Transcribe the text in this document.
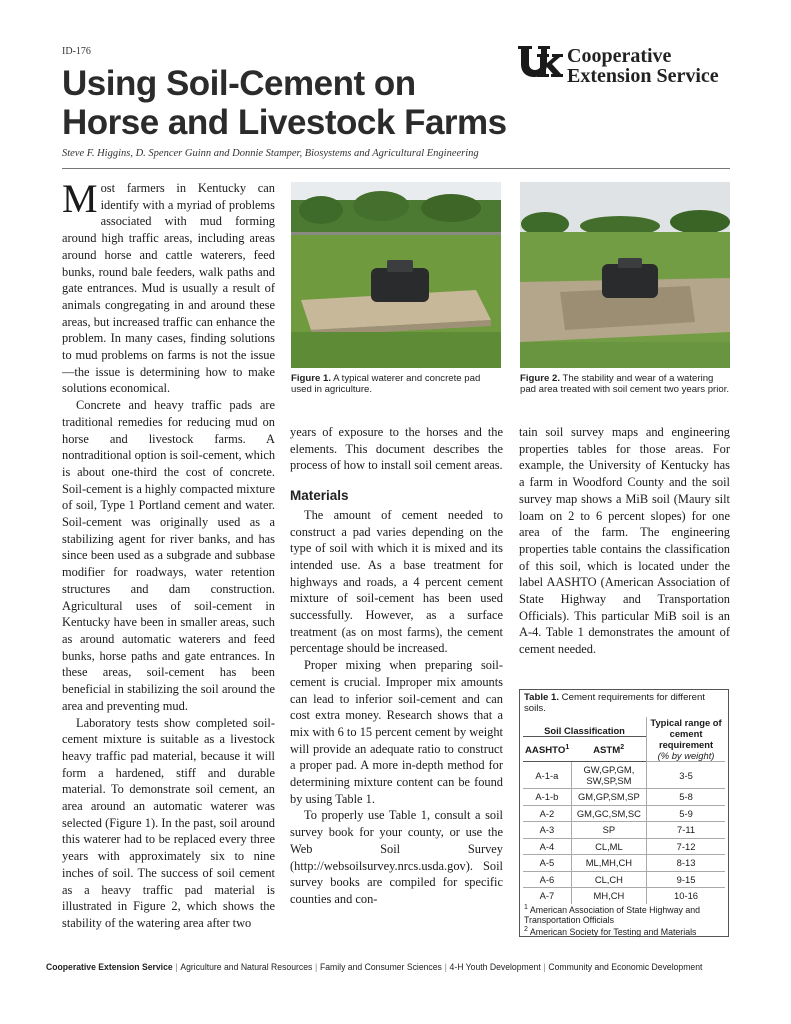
ID-176
Using Soil-Cement on
Horse and Livestock Farms
Steve F. Higgins, D. Spencer Guinn and Donnie Stamper, Biosystems and Agricultural Engineering
Cooperative
Extension Service

Most farmers in Kentucky can identify with a myriad of problems associated with mud forming around high traffic areas, including areas around horse and cattle waterers, feed bunks, round bale feeders, walk paths and gate entrances. Mud is usually a result of animals congregating in and around these areas, but increased traffic can enhance the problem. In many cases, finding solutions to mud problems on farms is not the issue—the issue is determining how to make solutions economical.

Concrete and heavy traffic pads are traditional remedies for reducing mud on horse and livestock farms. A nontraditional option is soil-cement, which is about one-third the cost of concrete. Soil-cement is a highly compacted mixture of soil, Type 1 Portland cement and water. Soil-cement was originally used as a stabilizing agent for river banks, and has since been used as a subgrade and subbase modifier for roadways, water retention structures and dam construction. Agricultural uses of soil-cement in Kentucky have been in smaller areas, such as around automatic waterers and feed bunks, horse paths and gate entrances. In these areas, soil-cement has been beneficial in stabilizing the soil around the area and preventing mud.

Laboratory tests show completed soil-cement mixture is suitable as a livestock heavy traffic pad material, because it will form a hardened, stiff and durable material. To demonstrate soil cement, an area around an automatic waterer was selected (Figure 1). In the past, soil around this waterer had to be replaced every three years with approximately six to nine inches of soil. The success of soil cement as a heavy traffic pad material is illustrated in Figure 2, which shows the stability of the watering area after two

Figure 1. A typical waterer and concrete pad used in agriculture.
Figure 2. The stability and wear of a watering pad area treated with soil cement two years prior.

years of exposure to the horses and the elements. This document describes the process of how to install soil cement areas.

Materials

The amount of cement needed to construct a pad varies depending on the type of soil with which it is mixed and its intended use. As a base treatment for highways and roads, a 4 percent cement mixture of soil-cement has been used successfully. However, as a surface treatment (as on most farms), the cement percentage should be increased.

Proper mixing when preparing soil-cement is crucial. Improper mix amounts can lead to inferior soil-cement and can cost extra money. Research shows that a mix with 6 to 15 percent cement by weight will provide an adequate ratio to construct a proper pad. A more in-depth method for determining mixture content can be found by using Table 1.

To properly use Table 1, consult a soil survey book for your county, or use the Web Soil Survey (http://websoilsurvey.nrcs.usda.gov). Soil survey books are compiled for specific counties and con-

tain soil survey maps and engineering properties tables for those areas. For example, the University of Kentucky has a farm in Woodford County and the soil survey map shows a MiB soil (Maury silt loam on 2 to 6 percent slopes) for one area of the farm. The engineering properties table contains the classification of this soil, which is located under the label AASHTO (American Association of State Highway and Transportation Officials). This particular MiB soil is an A-4. Table 1 demonstrates the amount of cement needed.

Table 1. Cement requirements for different soils.
Soil Classification		Typical range of cement requirement
(% by weight)
AASHTO$^1$	ASTM$^2$
A-1-a	GW,GP,GM, SW,SP,SM	3-5
A-1-b	GM,GP,SM,SP	5-8
A-2	GM,GC,SM,SC	5-9
A-3	SP	7-11
A-4	CL,ML	7-12
A-5	ML,MH,CH	8-13
A-6	CL,CH	9-15
A-7	MH,CH	10-16
$^1$ American Association of State Highway and Transportation Officials
$^2$ American Society for Testing and Materials
Cooperative Extension Service | Agriculture and Natural Resources | Family and Consumer Sciences | 4-H Youth Development | Community and Economic Development
